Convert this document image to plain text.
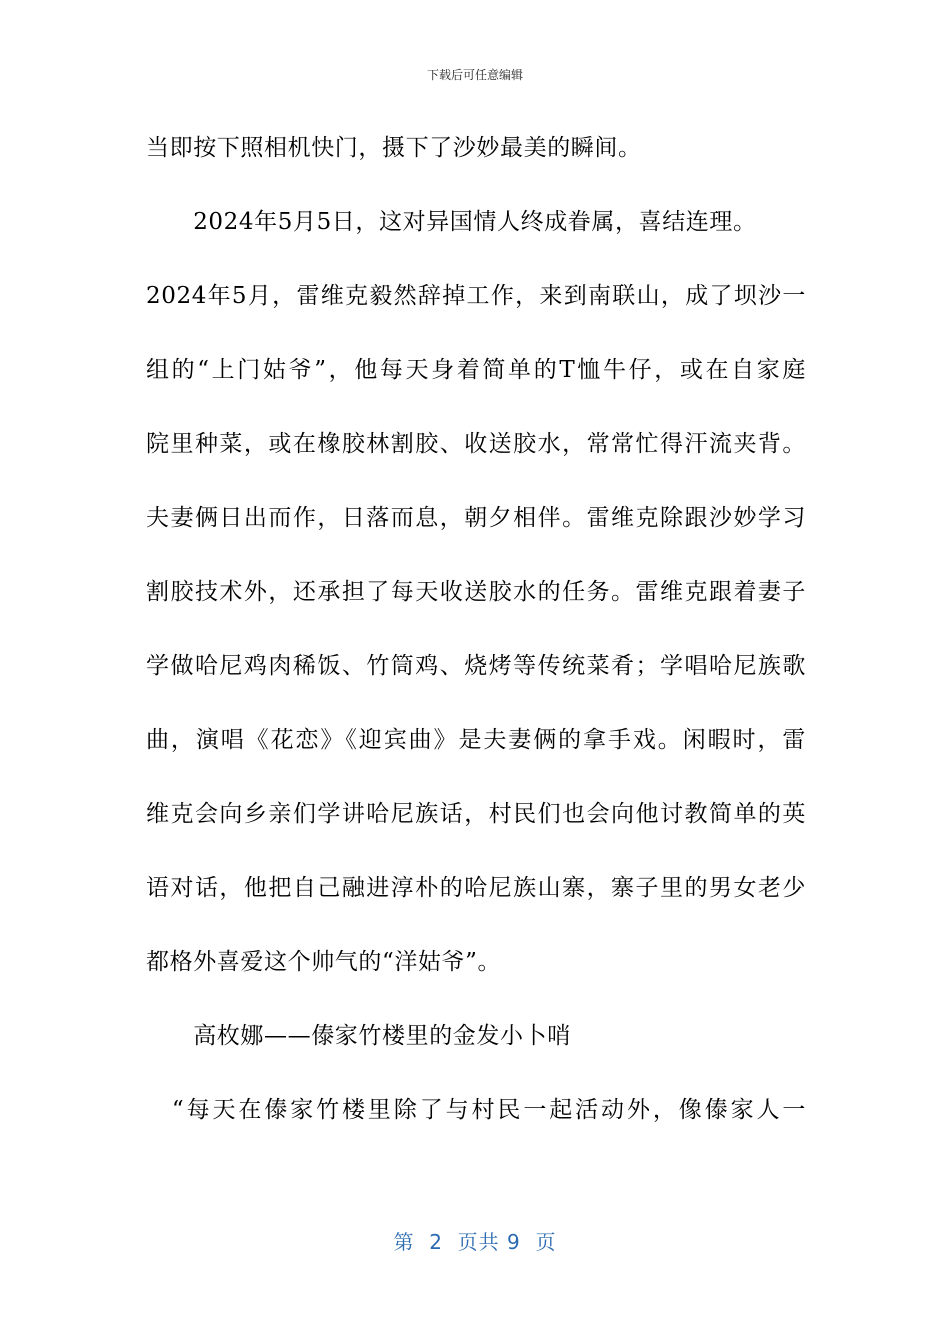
下载后可任意编辑
当即按下照相机快门，摄下了沙妙最美的瞬间。
　　2024年5月5日，这对异国情人终成眷属，喜结连理。
2024年5月，雷维克毅然辞掉工作，来到南联山，成了坝沙一
组的“上门姑爷”，他每天身着简单的T恤牛仔，或在自家庭
院里种菜，或在橡胶林割胶、收送胶水，常常忙得汗流夹背。
夫妻俩日出而作，日落而息，朝夕相伴。雷维克除跟沙妙学习
割胶技术外，还承担了每天收送胶水的任务。雷维克跟着妻子
学做哈尼鸡肉稀饭、竹筒鸡、烧烤等传统菜肴；学唱哈尼族歌
曲，演唱《花恋》《迎宾曲》是夫妻俩的拿手戏。闲暇时，雷
维克会向乡亲们学讲哈尼族话，村民们也会向他讨教简单的英
语对话，他把自己融进淳朴的哈尼族山寨，寨子里的男女老少
都格外喜爱这个帅气的“洋姑爷”。
　　高枚娜——傣家竹楼里的金发小卜哨
　“每天在傣家竹楼里除了与村民一起活动外，像傣家人一
第  2  页共 9  页
